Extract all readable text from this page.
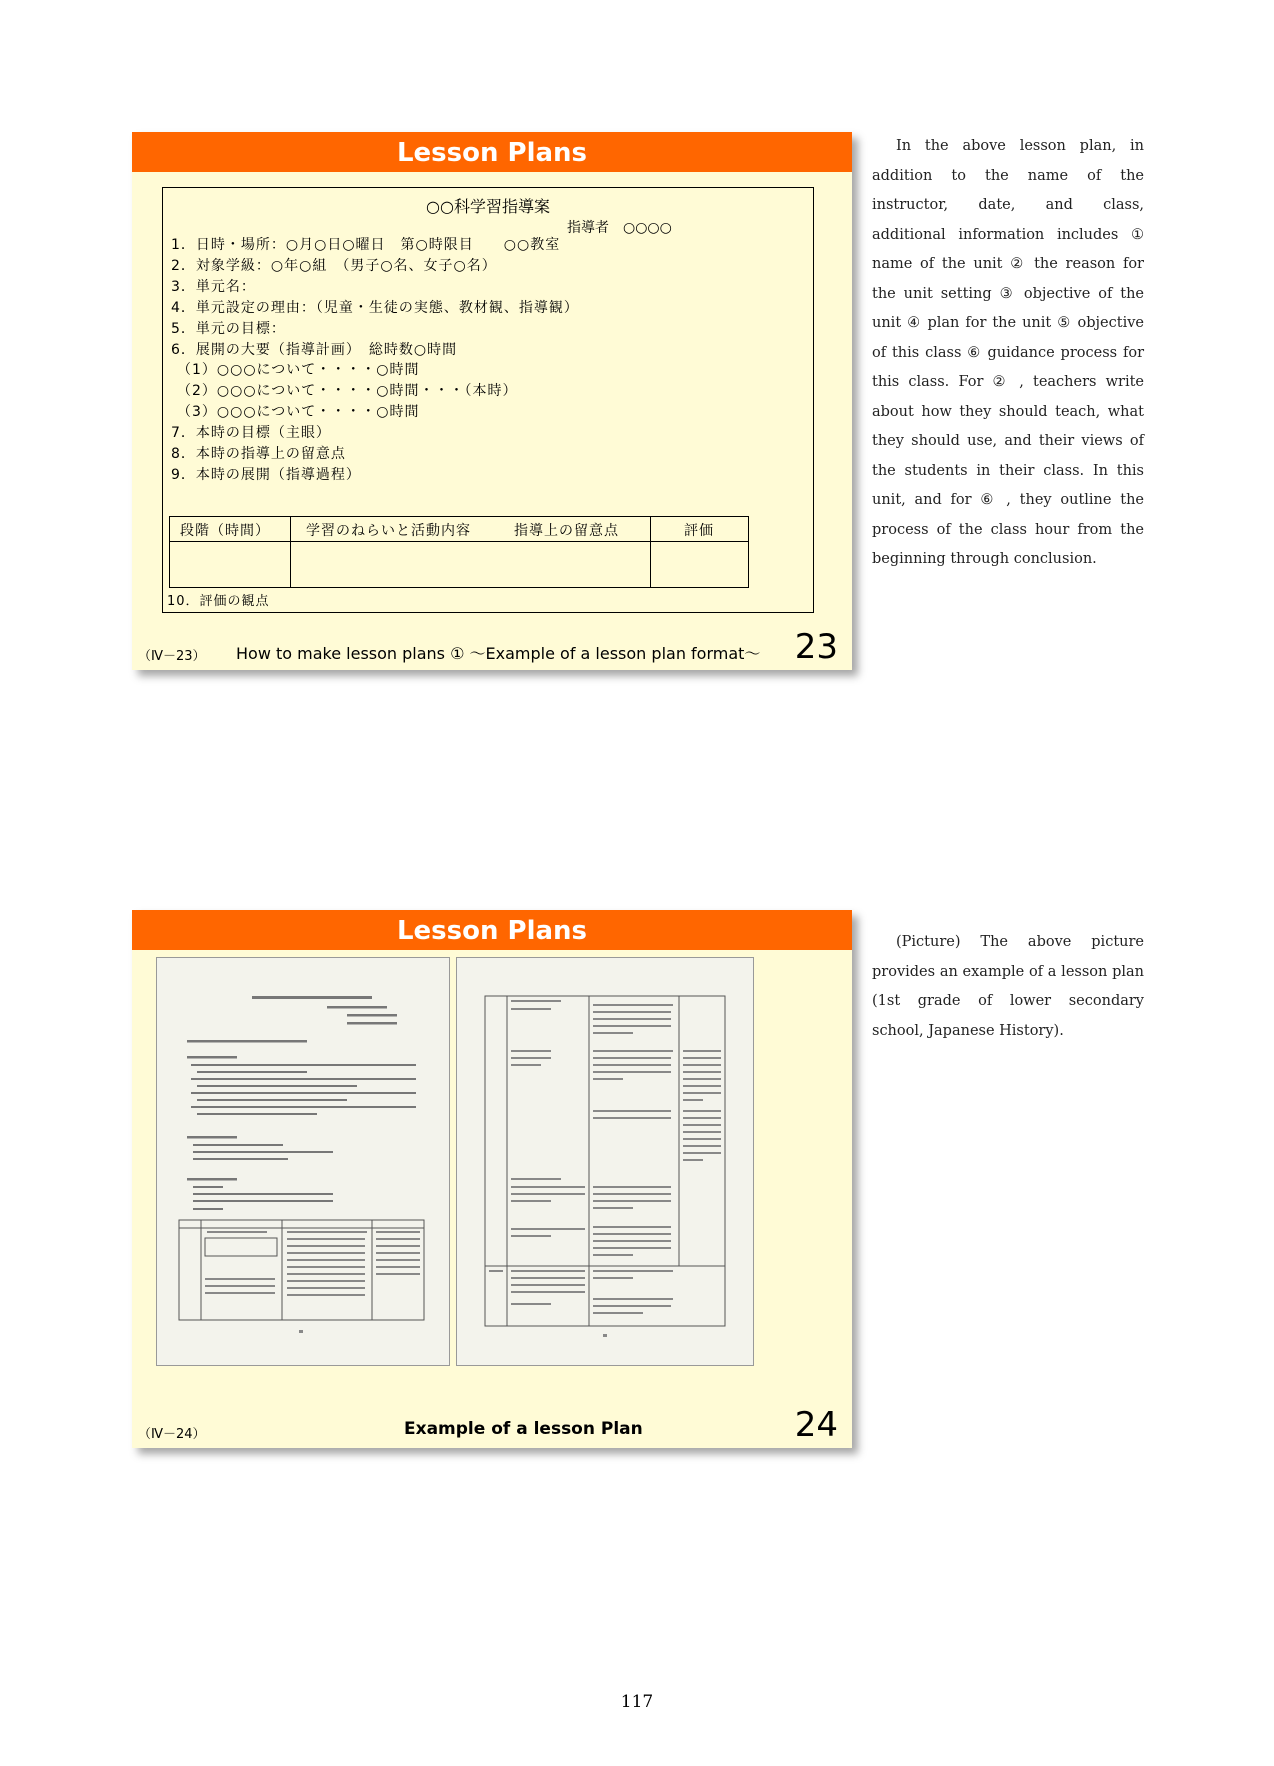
Lesson Plans
○○科学習指導案
指導者　○○○○
1．日時・場所：○月○日○曜日　第○時限目　　○○教室
2．対象学級：○年○組　（男子○名、女子○名）
3．単元名：
4．単元設定の理由：（児童・生徒の実態、教材観、指導観）
5．単元の目標：
6．展開の大要（指導計画）　総時数○時間
（1）○○○について・・・・○時間
（2）○○○について・・・・○時間・・・（本時）
（3）○○○について・・・・○時間
7．本時の目標（主眼）
8．本時の指導上の留意点
9．本時の展開（指導過程）
段階（時間）	学習のねらいと活動内容	指導上の留意点	評価
10．評価の観点
（Ⅳ－23） How to make lesson plans ① ～Example of a lesson plan format～ 23
In the above lesson plan, in addition to the name of the instructor, date, and class, additional information includes ① name of the unit ② the reason for the unit setting ③ objective of the unit ④ plan for the unit ⑤ objective of this class ⑥ guidance process for this class. For ② , teachers write about how they should teach, what they should use, and their views of the students in their class. In this unit, and for ⑥ , they outline the process of the class hour from the beginning through conclusion.
Lesson Plans
（Ⅳ－24）	Example of a lesson Plan	24
(Picture) The above picture provides an example of a lesson plan (1st grade of lower secondary school, Japanese History).
117
